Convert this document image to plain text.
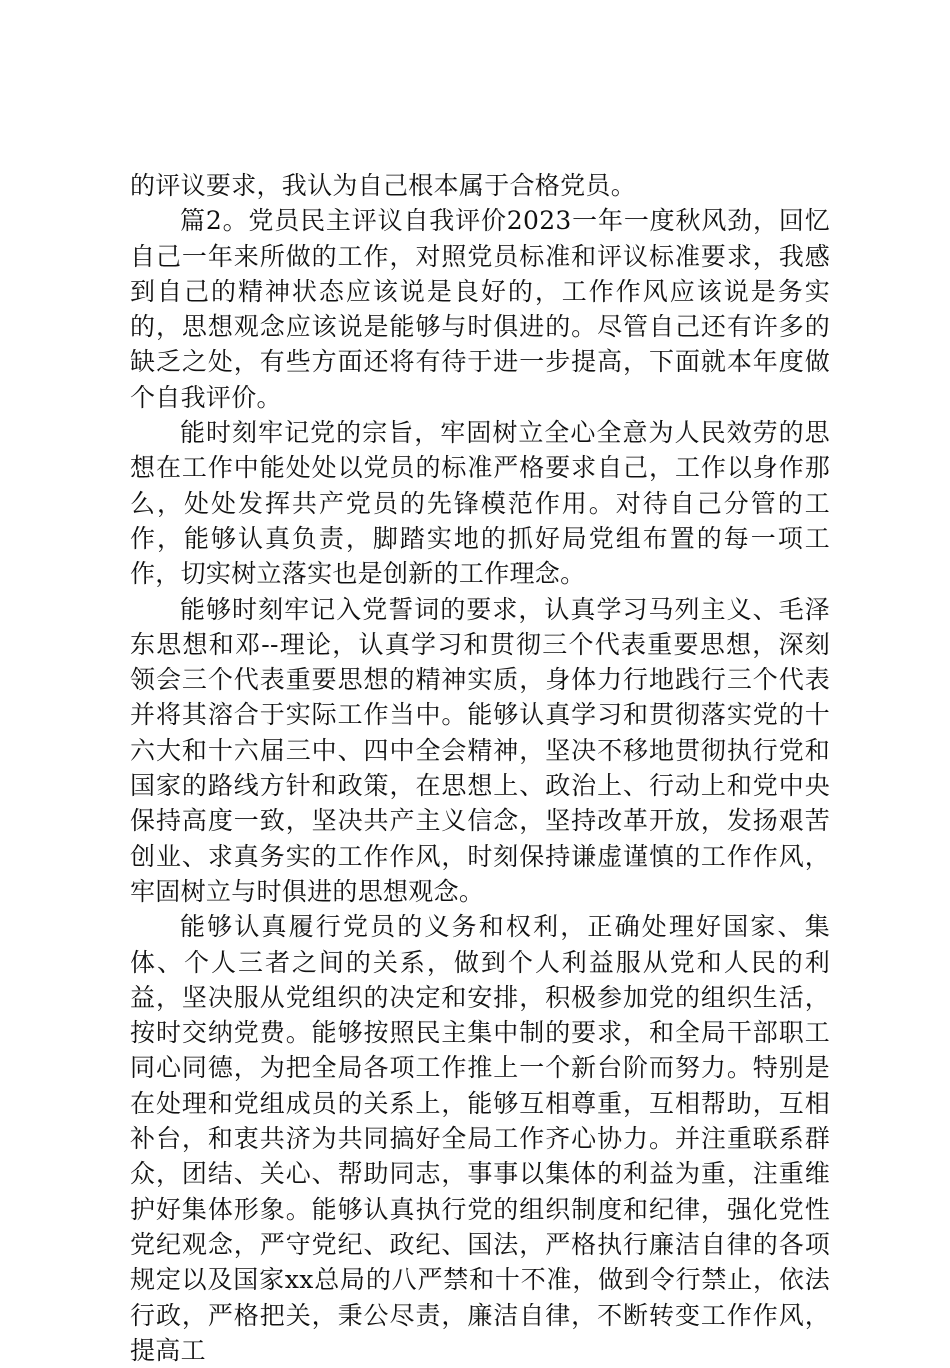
的评议要求，我认为自己根本属于合格党员。

篇2。党员民主评议自我评价2023一年一度秋风劲，回忆自己一年来所做的工作，对照党员标准和评议标准要求，我感到自己的精神状态应该说是良好的，工作作风应该说是务实的，思想观念应该说是能够与时俱进的。尽管自己还有许多的缺乏之处，有些方面还将有待于进一步提高，下面就本年度做个自我评价。

能时刻牢记党的宗旨，牢固树立全心全意为人民效劳的思想在工作中能处处以党员的标准严格要求自己，工作以身作那么，处处发挥共产党员的先锋模范作用。对待自己分管的工作，能够认真负责，脚踏实地的抓好局党组布置的每一项工作，切实树立落实也是创新的工作理念。

能够时刻牢记入党誓词的要求，认真学习马列主义、毛泽东思想和邓--理论，认真学习和贯彻三个代表重要思想，深刻领会三个代表重要思想的精神实质，身体力行地践行三个代表并将其溶合于实际工作当中。能够认真学习和贯彻落实党的十六大和十六届三中、四中全会精神，坚决不移地贯彻执行党和国家的路线方针和政策，在思想上、政治上、行动上和党中央保持高度一致，坚决共产主义信念，坚持改革开放，发扬艰苦创业、求真务实的工作作风，时刻保持谦虚谨慎的工作作风，牢固树立与时俱进的思想观念。

能够认真履行党员的义务和权利，正确处理好国家、集体、个人三者之间的关系，做到个人利益服从党和人民的利益，坚决服从党组织的决定和安排，积极参加党的组织生活，按时交纳党费。能够按照民主集中制的要求，和全局干部职工同心同德，为把全局各项工作推上一个新台阶而努力。特别是在处理和党组成员的关系上，能够互相尊重，互相帮助，互相补台，和衷共济为共同搞好全局工作齐心协力。并注重联系群众，团结、关心、帮助同志，事事以集体的利益为重，注重维护好集体形象。能够认真执行党的组织制度和纪律，强化党性党纪观念，严守党纪、政纪、国法，严格执行廉洁自律的各项规定以及国家xx总局的八严禁和十不准，做到令行禁止，依法行政，严格把关，秉公尽责，廉洁自律，不断转变工作作风，提高工
